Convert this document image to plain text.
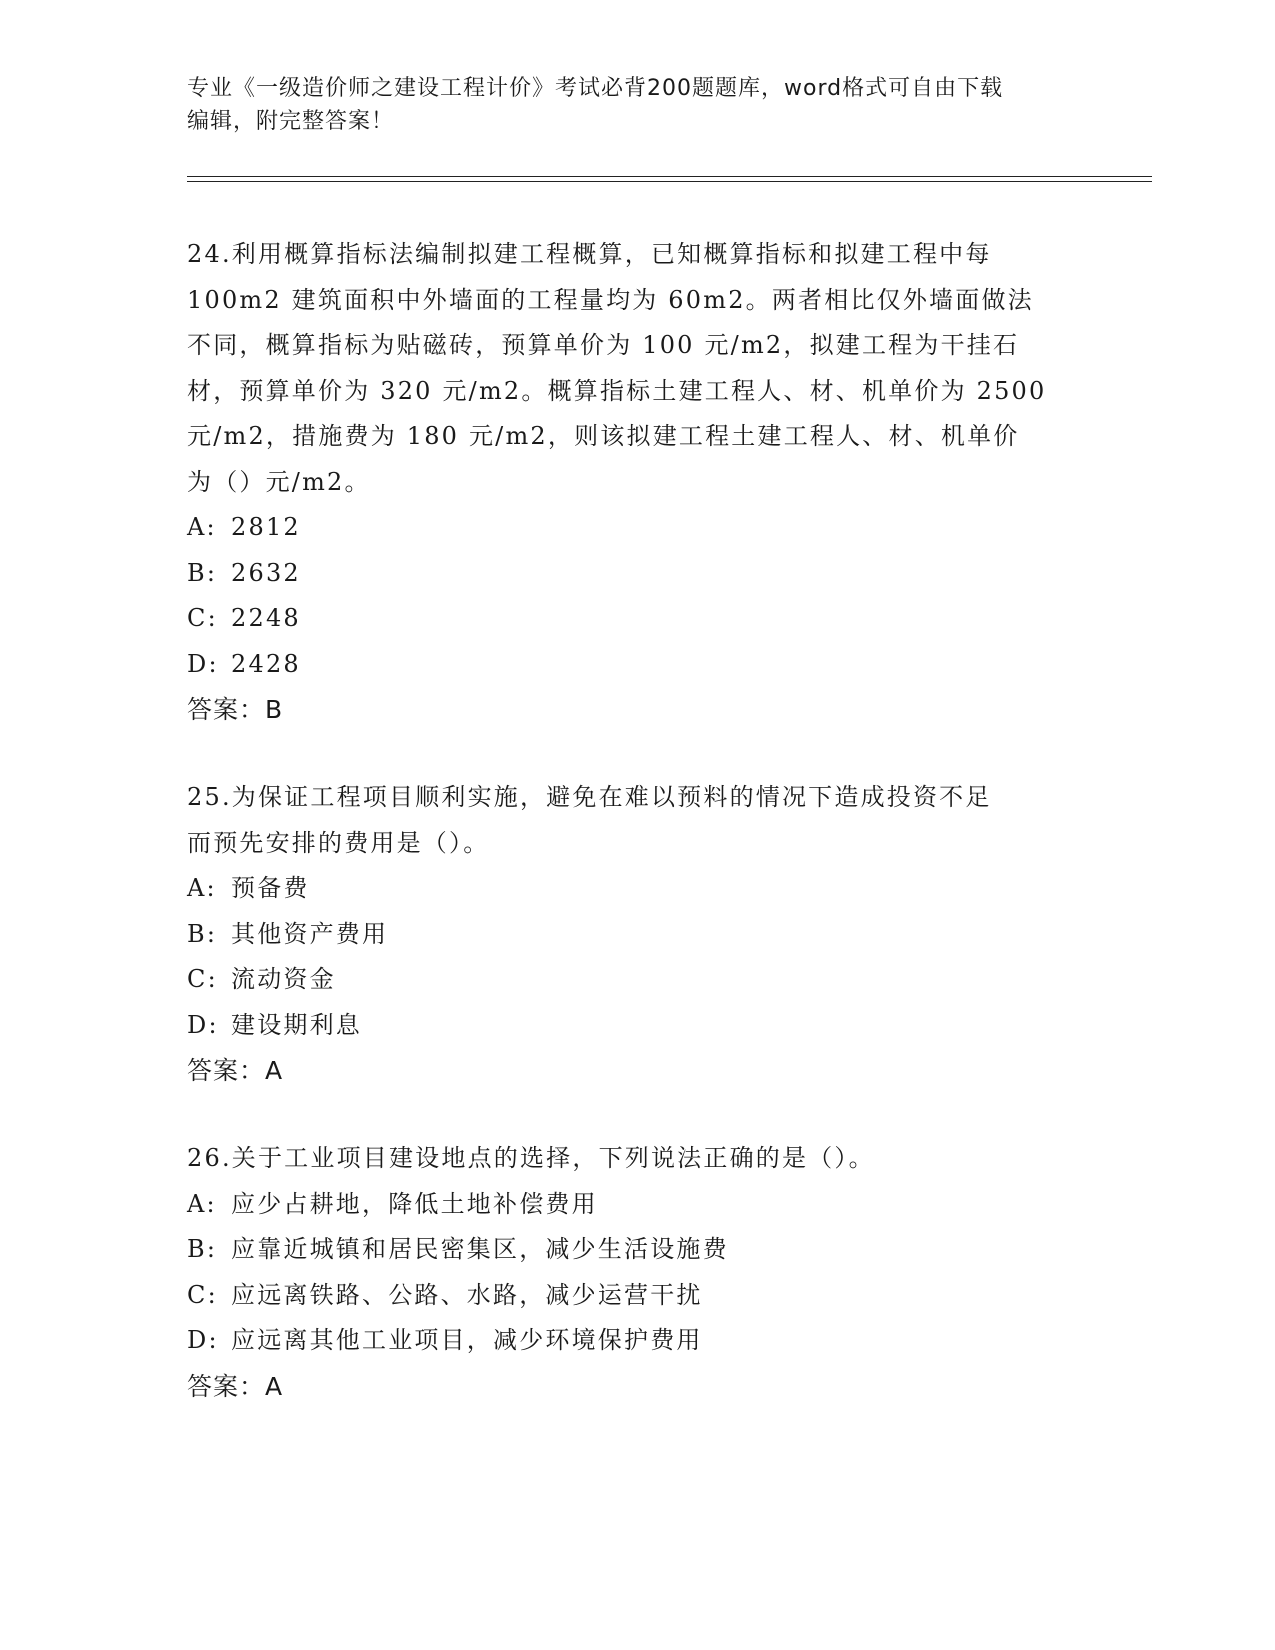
专业《一级造价师之建设工程计价》考试必背200题题库，word格式可自由下载
编辑，附完整答案！
24.利用概算指标法编制拟建工程概算，已知概算指标和拟建工程中每
100m2 建筑面积中外墙面的工程量均为 60m2。两者相比仅外墙面做法
不同，概算指标为贴磁砖，预算单价为 100 元/m2，拟建工程为干挂石
材，预算单价为 320 元/m2。概算指标土建工程人、材、机单价为 2500
元/m2，措施费为 180 元/m2，则该拟建工程土建工程人、材、机单价
为（）元/m2。
A: 2812
B: 2632
C: 2248
D: 2428
答案：B
25.为保证工程项目顺利实施，避免在难以预料的情况下造成投资不足
而预先安排的费用是（）。
A: 预备费
B: 其他资产费用
C: 流动资金
D: 建设期利息
答案：A
26.关于工业项目建设地点的选择，下列说法正确的是（）。
A: 应少占耕地，降低土地补偿费用
B: 应靠近城镇和居民密集区，减少生活设施费
C: 应远离铁路、公路、水路，减少运营干扰
D: 应远离其他工业项目，减少环境保护费用
答案：A
